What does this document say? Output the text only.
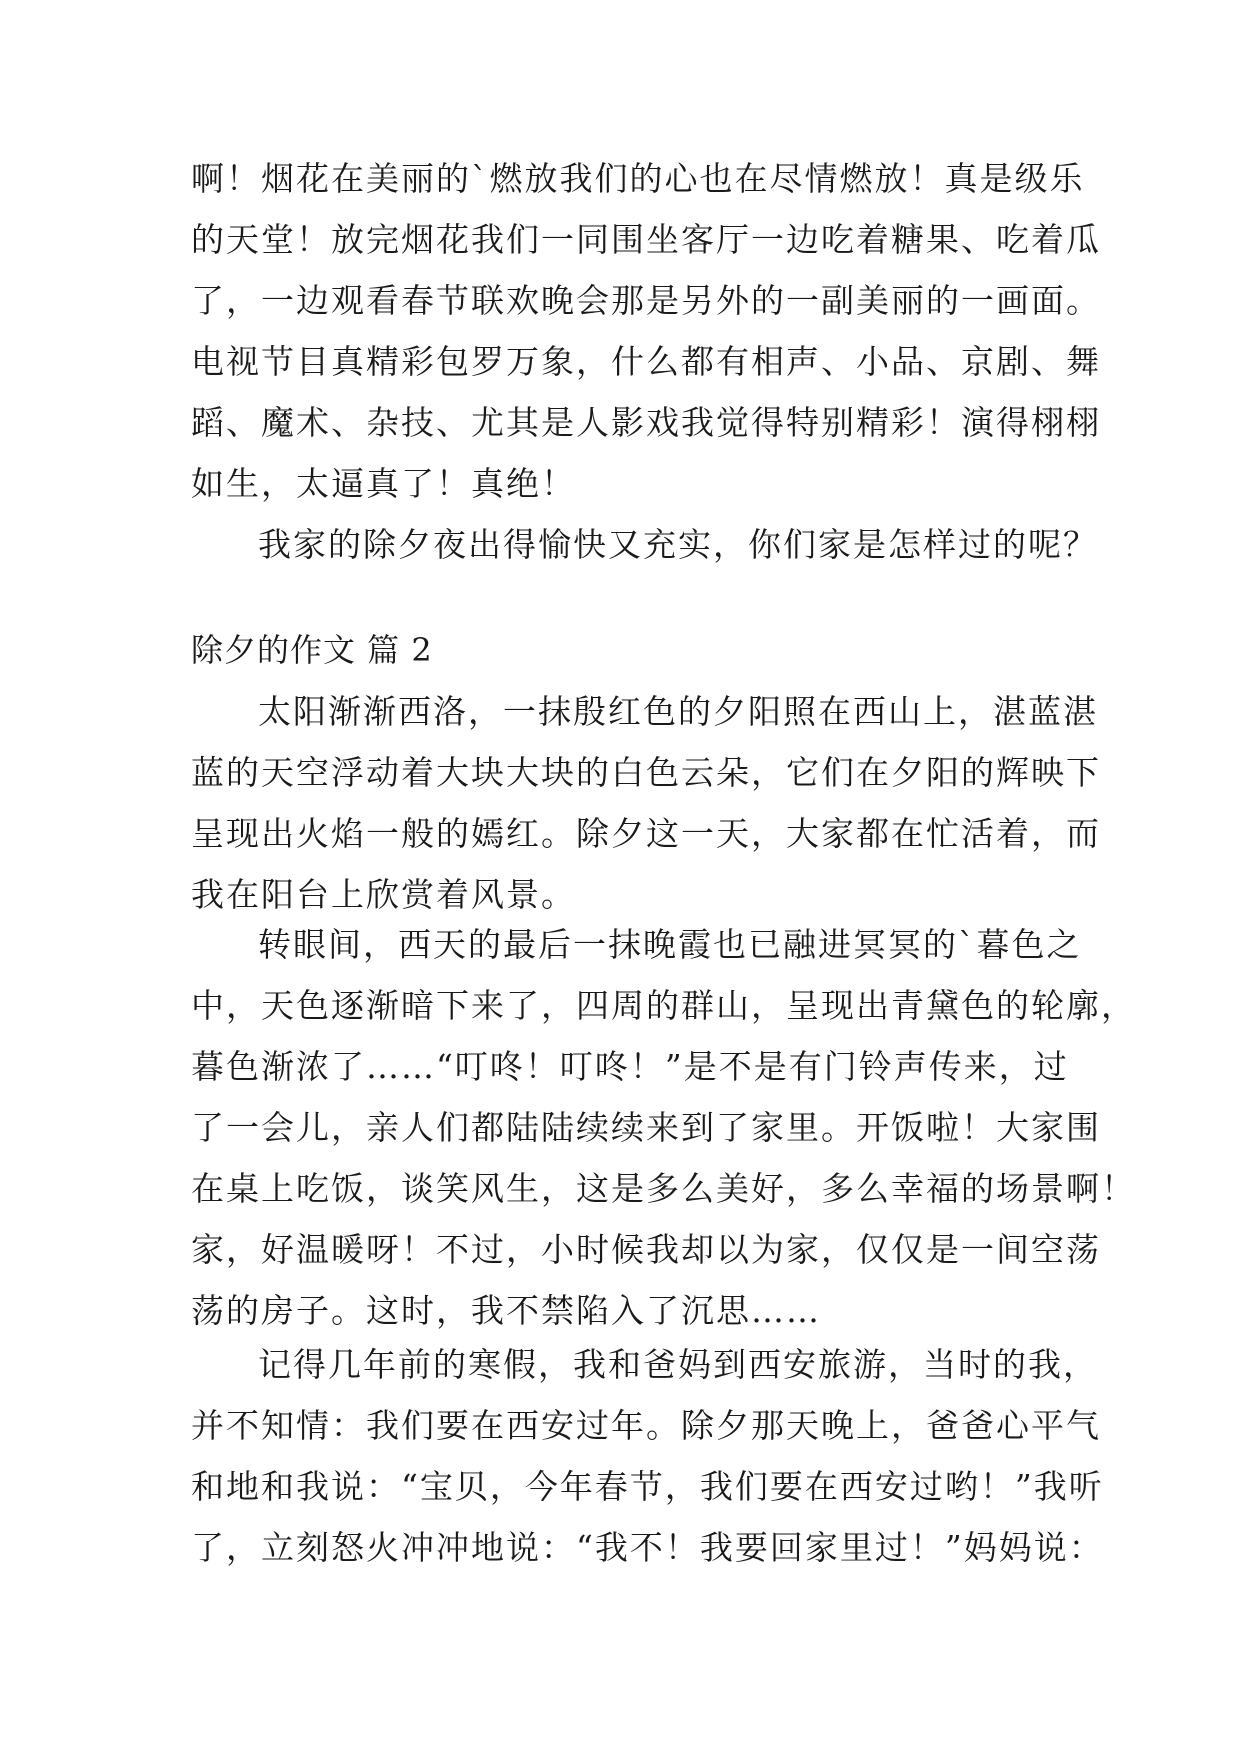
啊！烟花在美丽的`燃放我们的心也在尽情燃放！真是级乐
的天堂！放完烟花我们一同围坐客厅一边吃着糖果、吃着瓜
了，一边观看春节联欢晚会那是另外的一副美丽的一画面。
电视节目真精彩包罗万象，什么都有相声、小品、京剧、舞
蹈、魔术、杂技、尤其是人影戏我觉得特别精彩！演得栩栩
如生，太逼真了！真绝！
我家的除夕夜出得愉快又充实，你们家是怎样过的呢？
除夕的作文 篇 2
太阳渐渐西洛，一抹殷红色的夕阳照在西山上，湛蓝湛
蓝的天空浮动着大块大块的白色云朵，它们在夕阳的辉映下
呈现出火焰一般的嫣红。除夕这一天，大家都在忙活着，而
我在阳台上欣赏着风景。
转眼间，西天的最后一抹晚霞也已融进冥冥的`暮色之
中，天色逐渐暗下来了，四周的群山，呈现出青黛色的轮廓，
暮色渐浓了……“叮咚！叮咚！”是不是有门铃声传来，过
了一会儿，亲人们都陆陆续续来到了家里。开饭啦！大家围
在桌上吃饭，谈笑风生，这是多么美好，多么幸福的场景啊！
家，好温暖呀！不过，小时候我却以为家，仅仅是一间空荡
荡的房子。这时，我不禁陷入了沉思……
记得几年前的寒假，我和爸妈到西安旅游，当时的我，
并不知情：我们要在西安过年。除夕那天晚上，爸爸心平气
和地和我说：“宝贝，今年春节，我们要在西安过哟！”我听
了，立刻怒火冲冲地说：“我不！我要回家里过！”妈妈说：
